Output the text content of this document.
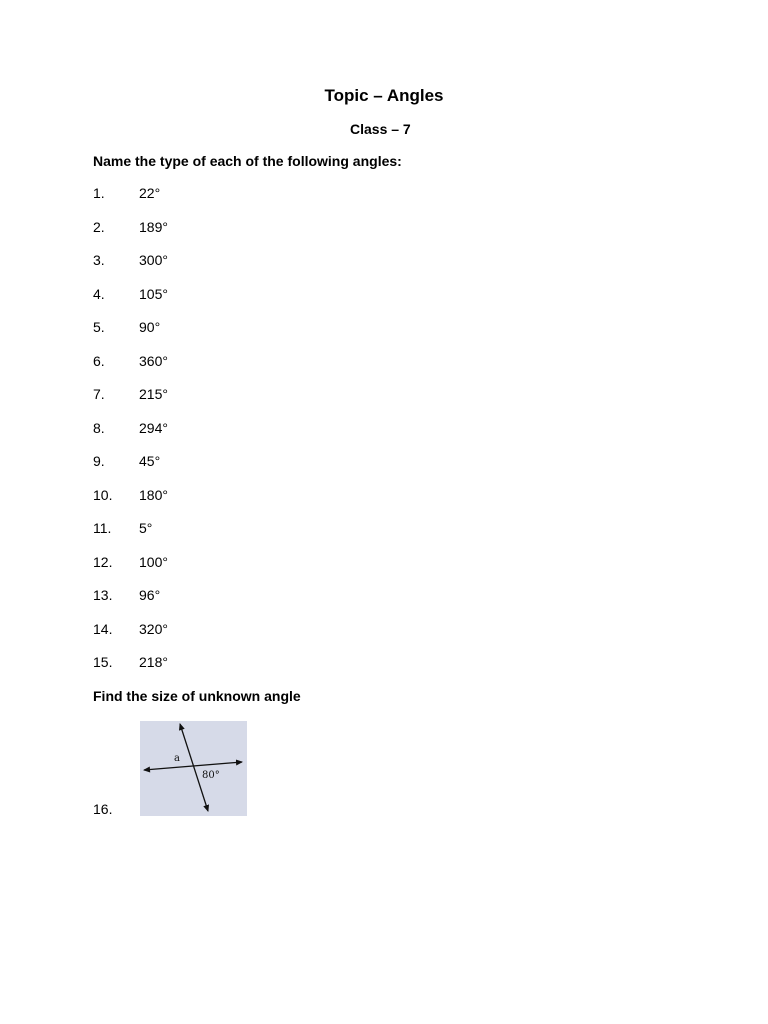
Topic – Angles
Class – 7
Name the type of each of the following angles:
1. 22°
2. 189°
3. 300°
4. 105°
5. 90°
6. 360°
7. 215°
8. 294°
9. 45°
10. 180°
11. 5°
12. 100°
13. 96°
14. 320°
15. 218°
Find the size of unknown angle
16.
a
80°
